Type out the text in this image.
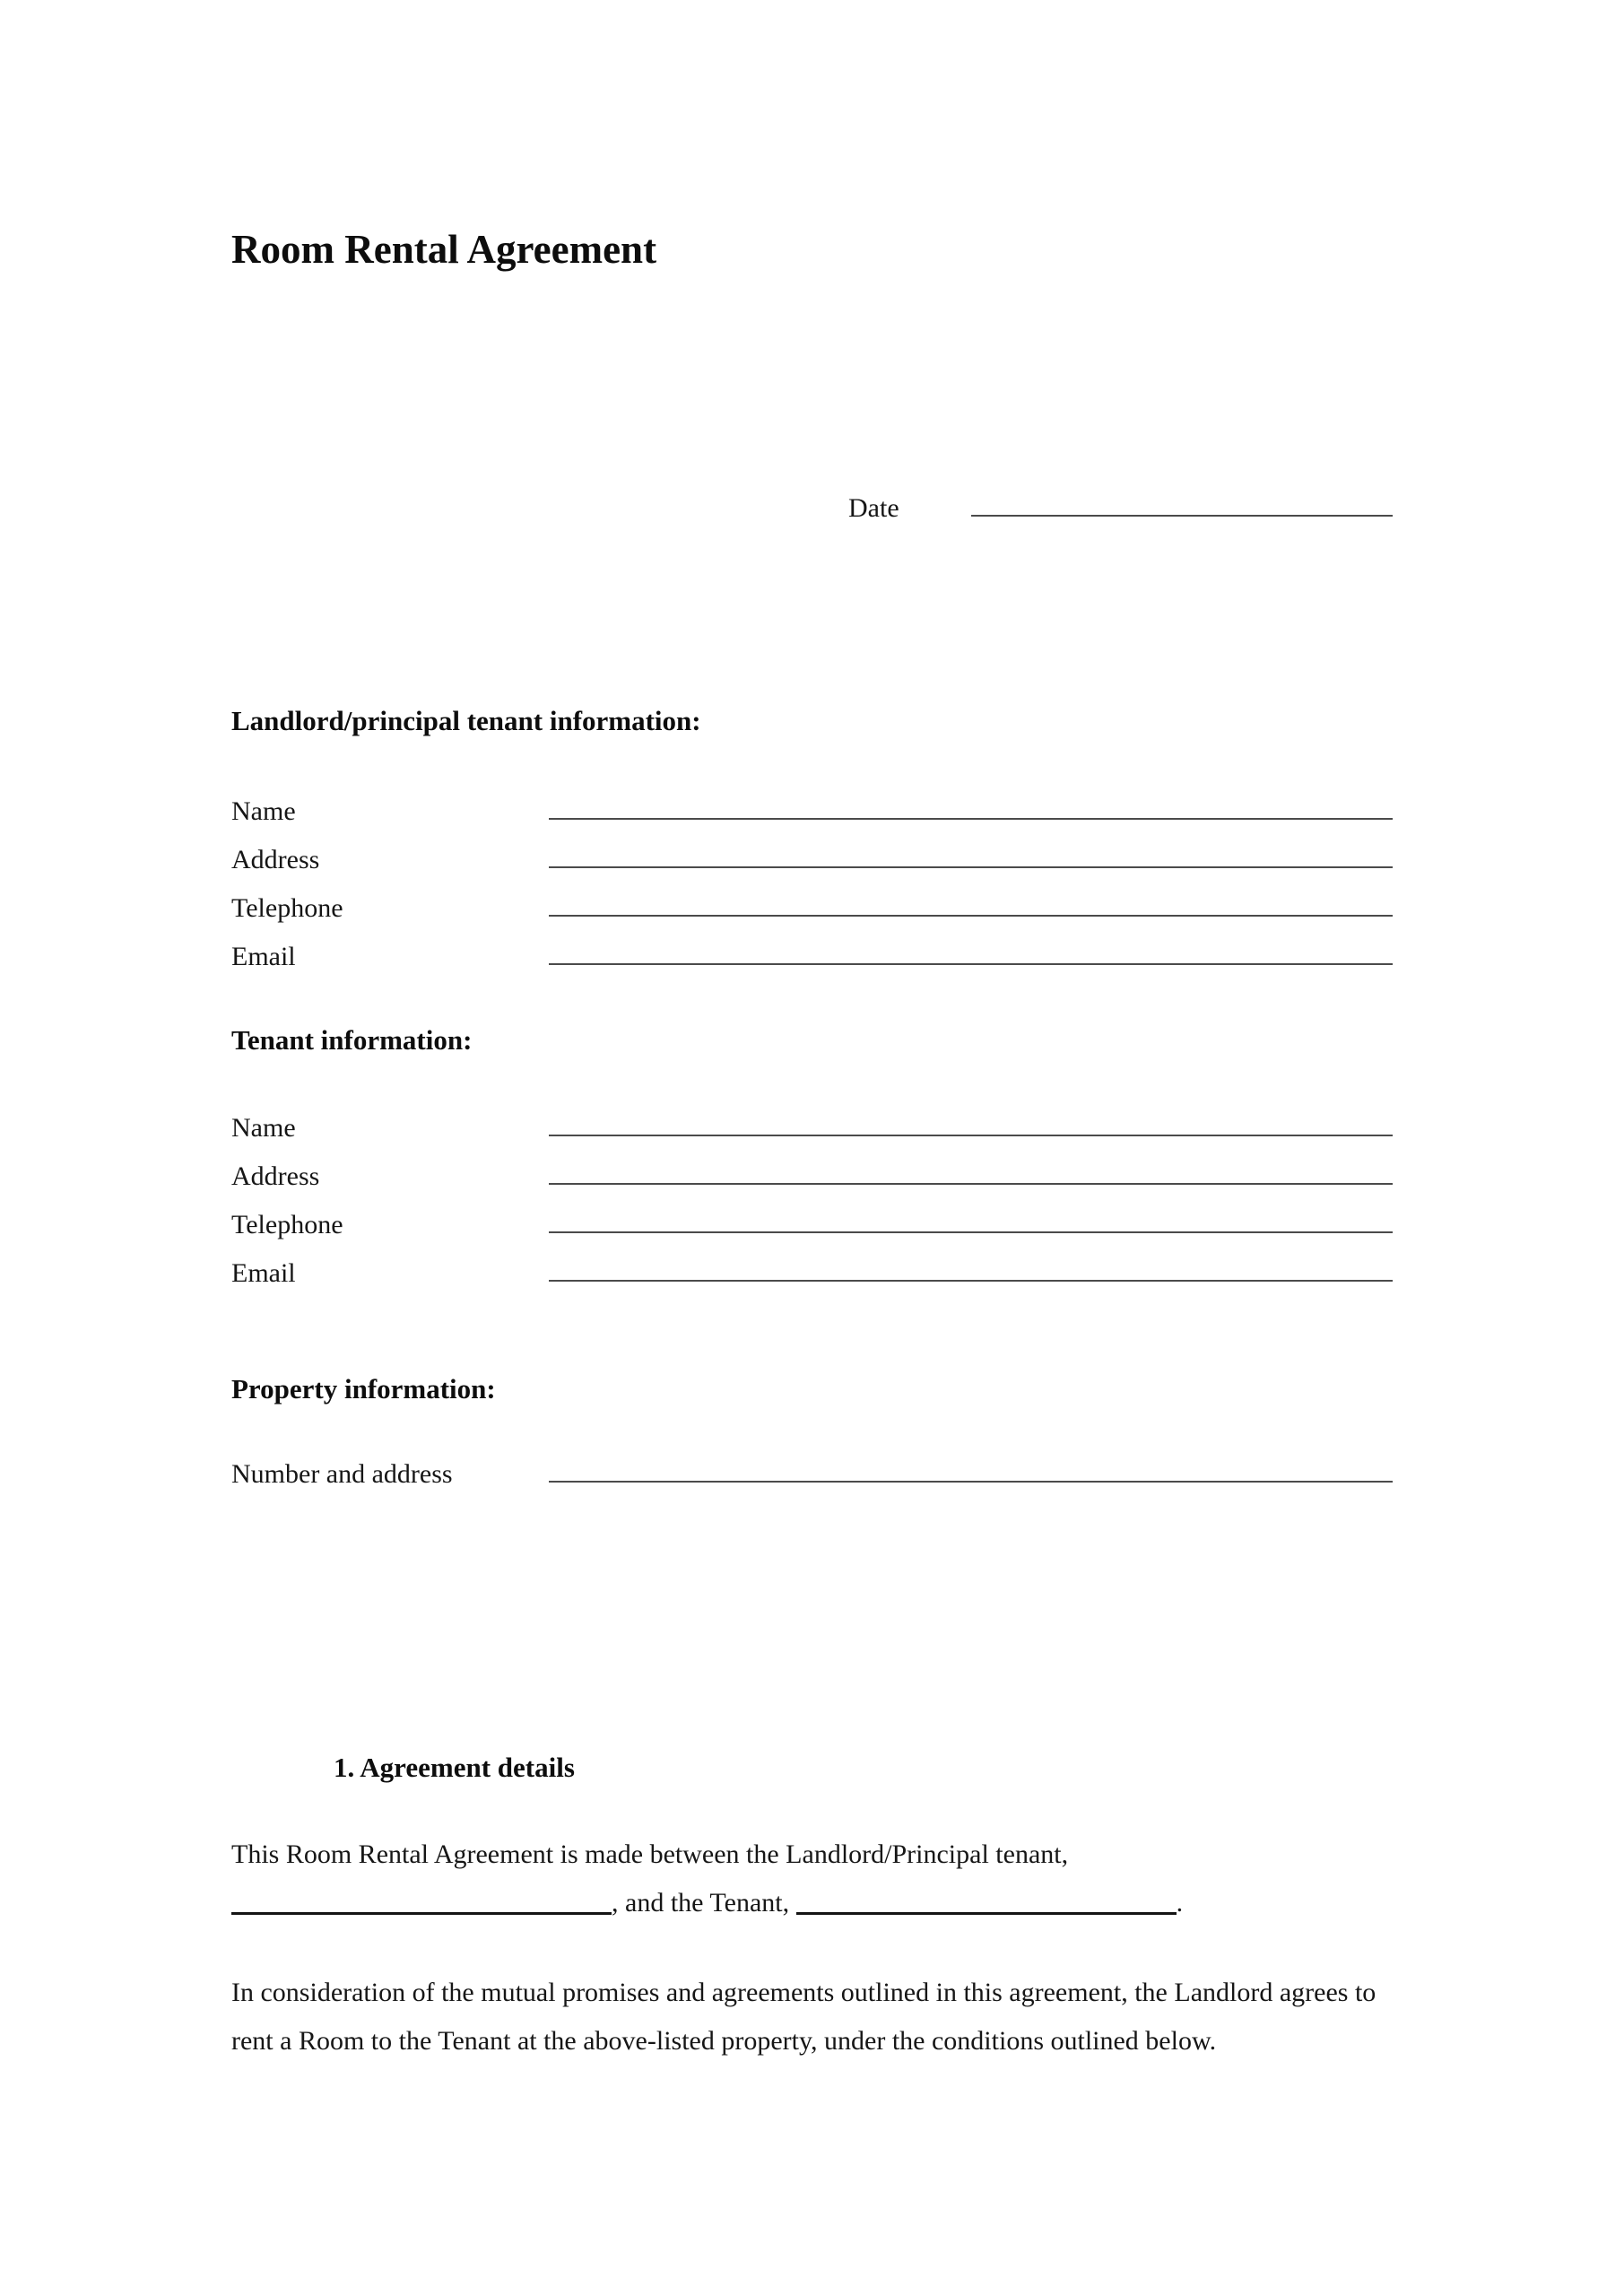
Room Rental Agreement
Date
Landlord/principal tenant information:
Name
Address
Telephone
Email
Tenant information:
Name
Address
Telephone
Email
Property information:
Number and address
1. Agreement details

This Room Rental Agreement is made between the Landlord/Principal tenant, , and the Tenant,	.

In consideration of the mutual promises and agreements outlined in this agreement, the Landlord agrees to rent a Room to the Tenant at the above-listed property, under the conditions outlined below.
